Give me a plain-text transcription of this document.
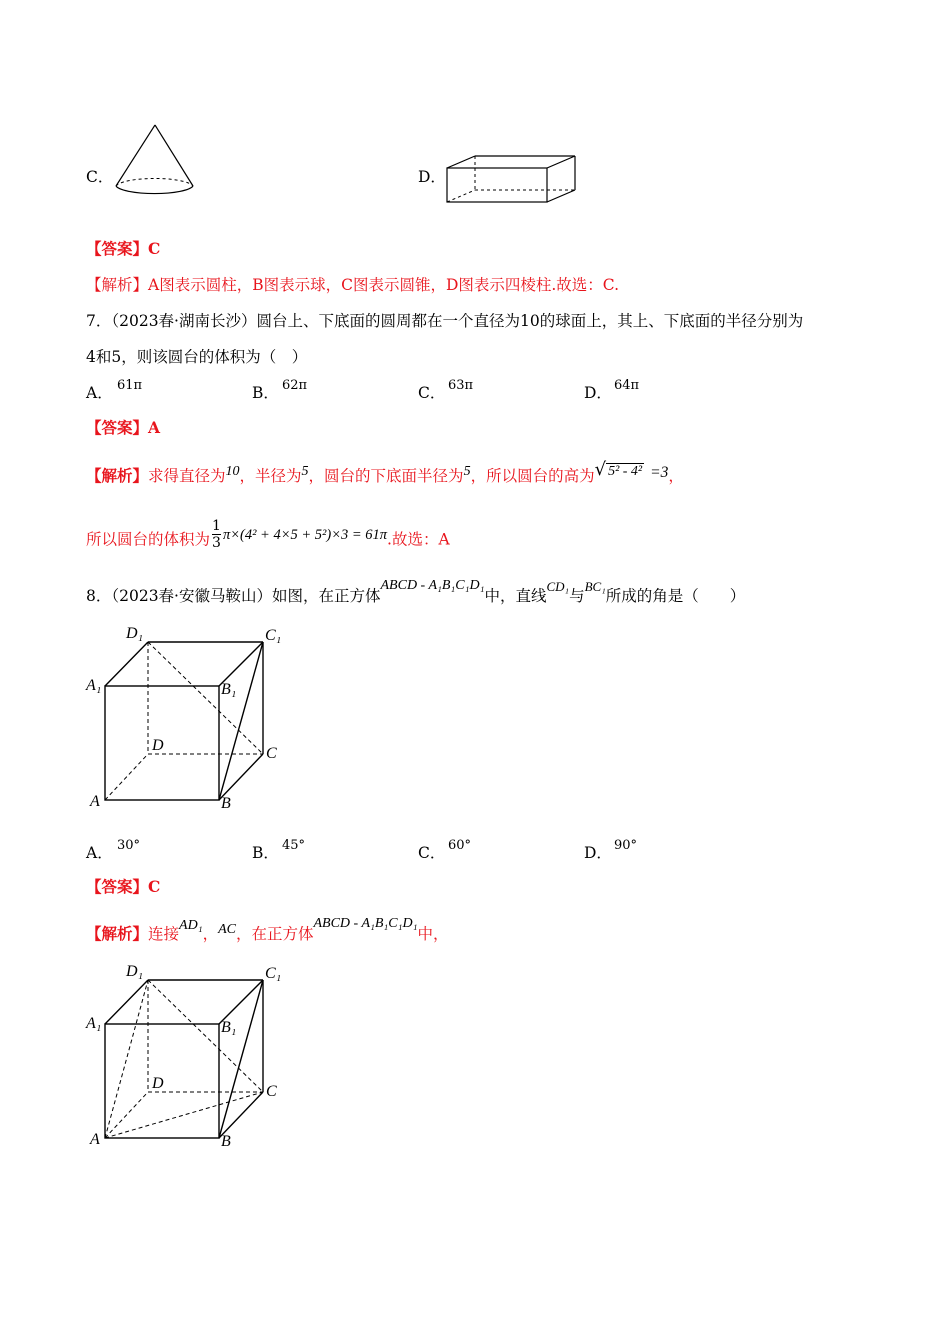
C．	D．
【答案】C
【解析】A图表示圆柱，B图表示球，C图表示圆锥，D图表示四棱柱.故选：C.
7．（2023春·湖南长沙）圆台上、下底面的圆周都在一个直径为10的球面上，其上、下底面的半径分别为
4和5，则该圆台的体积为（　）
A． 61π	B． 62π	C． 63π	D． 64π
【答案】A
【解析】求得直径为10，半径为5，圆台的下底面半径为5，所以圆台的高为√ 5² - 4² =3，
所以圆台的体积为 $\frac{1}{3} \pi\times(4^2 + 4\times 5 + 5^2)\times 3 = 61\pi$.故选：A
8．（2023春·安徽马鞍山）如图，在正方体ABCD - A₁B₁C₁D₁中，直线$^{CD_1}$与$^{BC_1}$所成的角是（　　）
D₁	C₁
A₁	B₁
D	C
A	B
A． 30°	B． 45°	C． 60°	D． 90°
【答案】C
【解析】连接AD₁，AC，在正方体ABCD - A₁B₁C₁D₁中，
D₁	C₁
A₁	B₁
D	C
A	B
